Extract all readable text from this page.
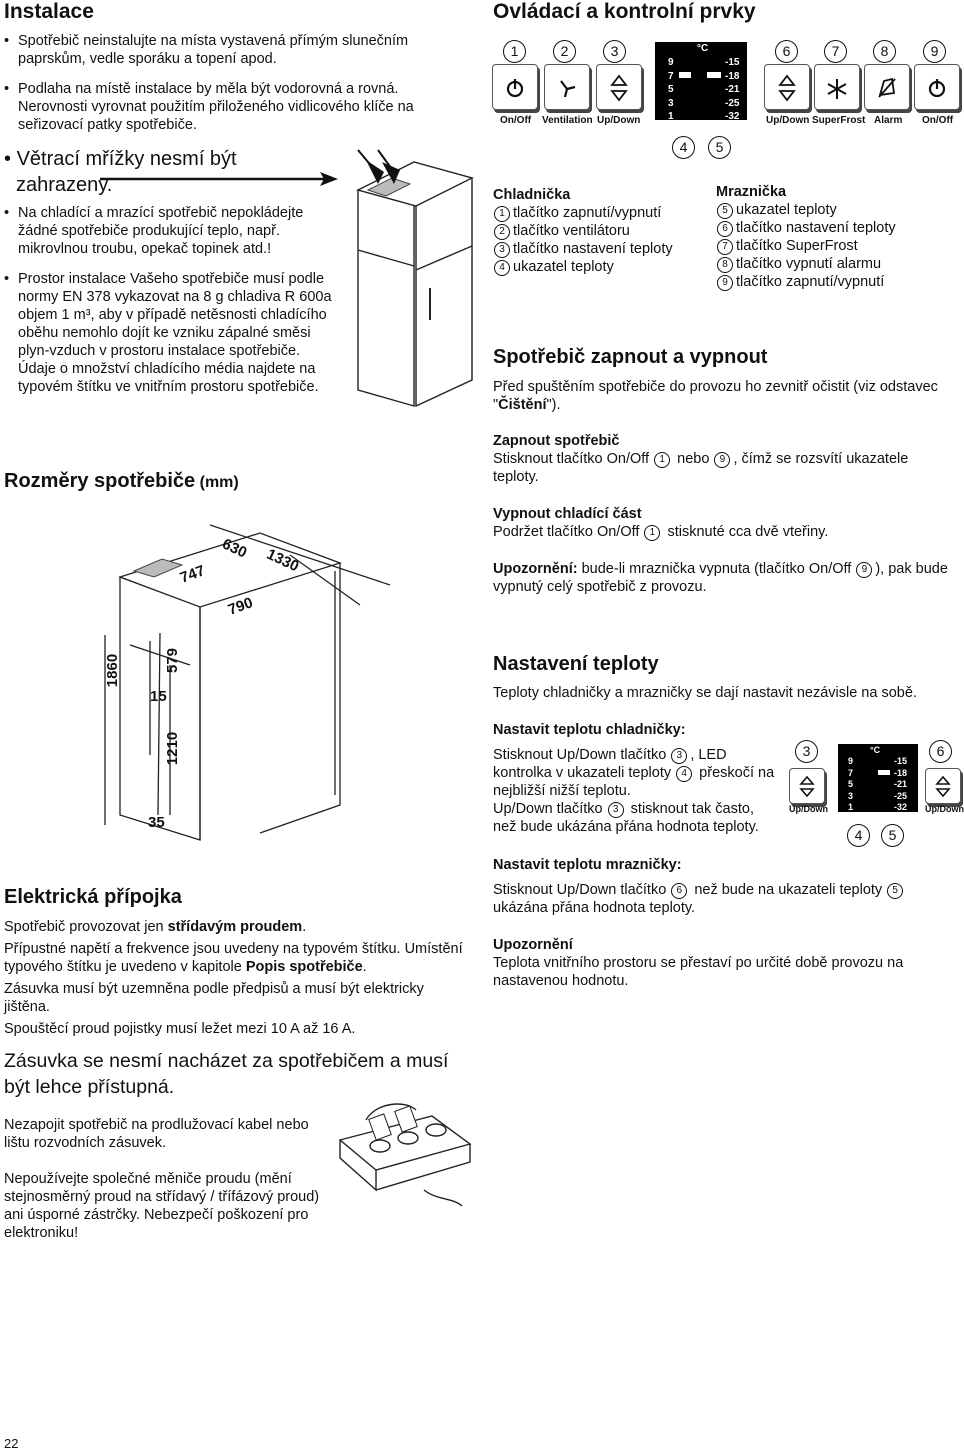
Instalace
• Spotřebič neinstalujte na místa vystavená přímým slunečním paprskům, vedle sporáku a topení apod.
• Podlaha na místě instalace by měla být vodorovná a rovná. Nerovnosti vyrovnat použitím přiloženého vidlicového klíče na seřizovací patky spotřebiče.
• Větrací mřížky nesmí být
zahrazeny.
• Na chladící a mrazící spotřebič nepokládejte žádné spotřebiče produkující teplo, např. mikrovlnou troubu, opekač topinek atd.!
• Prostor instalace Vašeho spotřebiče musí podle normy EN 378 vykazovat na 8 g chladiva R 600a objem 1 m³, aby v případě netěsnosti chladícího oběhu nemohlo dojít ke vzniku zápalné směsi plyn-vzduch v prostoru instalace spotřebiče. Údaje o množství chladícího média najdete na typovém štítku ve vnitřním prostoru spotřebiče.
Rozměry spotřebiče (mm)
630 1330
747
790
1860	579
15
1210
35
Elektrická přípojka
Spotřebič provozovat jen střídavým proudem.
Přípustné napětí a frekvence jsou uvedeny na typovém štítku. Umístění typového štítku je uvedeno v kapitole Popis spotřebiče.
Zásuvka musí být uzemněna podle předpisů a musí být elektricky jištěna.
Spouštěcí proud pojistky musí ležet mezi 10 A až 16 A.
Zásuvka se nesmí nacházet za spotřebičem a musí být lehce přístupná.
Nezapojit spotřebič na prodlužovací kabel nebo lištu rozvodních zásuvek.
Nepoužívejte společné měniče proudu (mění stejnosměrný proud na střídavý / třífázový proud) ani úsporné zástrčky. Nebezpečí poškození pro elektroniku!
22
Ovládací a kontrolní prvky
1	2	3	6	7	8	9
On/Off Ventilation Up/Down
°C
9
7
5
3
1
-15
-18
-21
-25
-32	Up/Down SuperFrost Alarm On/Off
4	5
Chladnička
1 tlačítko zapnutí/vypnutí
2 tlačítko ventilátoru
3 tlačítko nastavení teploty
4 ukazatel teploty
Mraznička
5 ukazatel teploty
6 tlačítko nastavení teploty
7 tlačítko SuperFrost
8 tlačítko vypnutí alarmu
9 tlačítko zapnutí/vypnutí
Spotřebič zapnout a vypnout
Před spuštěním spotřebiče do provozu ho zevnitř očistit (viz odstavec "Čištění").
Zapnout spotřebič
Stisknout tlačítko On/Off 1 nebo 9 , čímž se rozsvítí ukazatele teploty.
Vypnout chladící část
Podržet tlačítko On/Off 1 stisknuté cca dvě vteřiny.
Upozornění: bude-li mraznička vypnuta (tlačítko On/Off 9 ), pak bude vypnutý celý spotřebič z provozu.
Nastavení teploty
Teploty chladničky a mrazničky se dají nastavit nezávisle na sobě.
Nastavit teplotu chladničky:
Stisknout Up/Down tlačítko 3 , LED kontrolka v ukazateli teploty 4 přeskočí na nejbližší nižší teplotu.
Up/Down tlačítko 3 stisknout tak často, než bude ukázána přána hodnota teploty.
3	6
Up/Down	Up/Down
°C
9
7
5
3
1
-15
-18
-21
-25
-32
4	5
Nastavit teplotu mrazničky:
Stisknout Up/Down tlačítko 6 než bude na ukazateli teploty 5 ukázána přána hodnota teploty.
Upozornění
Teplota vnitřního prostoru se přestaví po určité době provozu na nastavenou hodnotu.
